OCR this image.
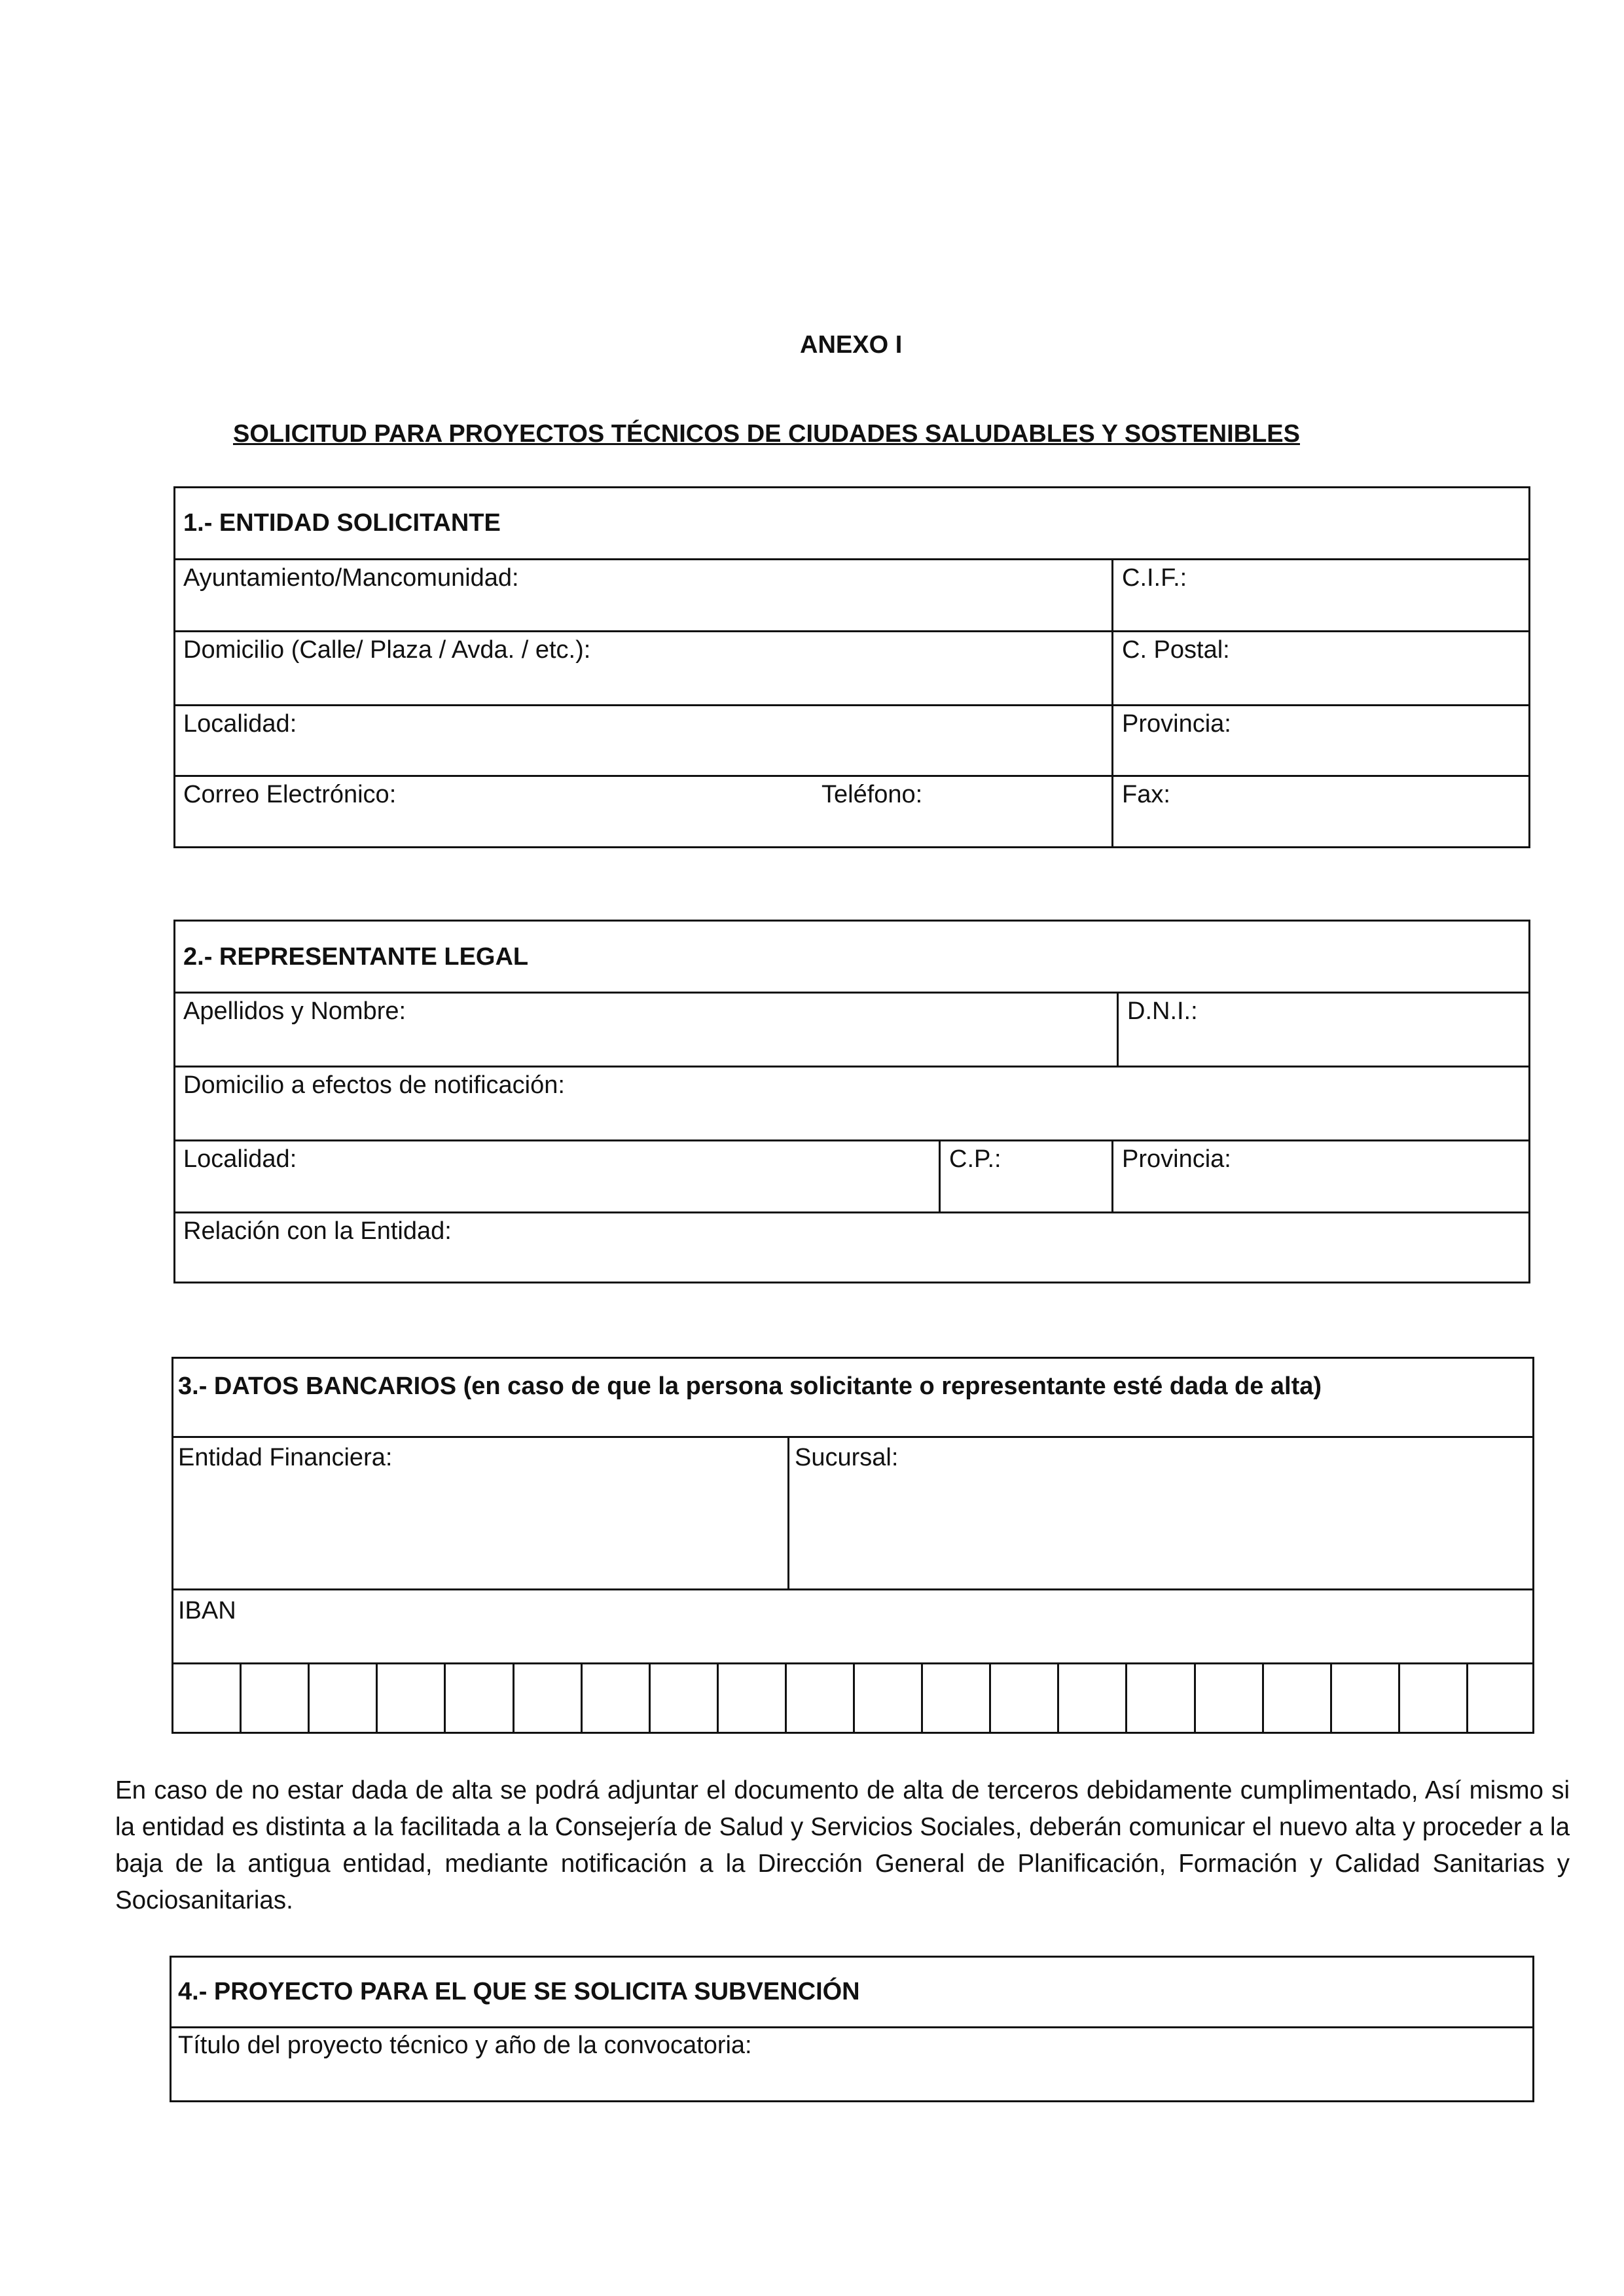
ANEXO I
SOLICITUD PARA PROYECTOS TÉCNICOS DE CIUDADES SALUDABLES Y SOSTENIBLES
1.- ENTIDAD SOLICITANTE
Ayuntamiento/Mancomunidad:	C.I.F.:
Domicilio (Calle/ Plaza / Avda. / etc.):	C. Postal:
Localidad:	Provincia:
Correo Electrónico:	Teléfono:	Fax:
2.- REPRESENTANTE LEGAL
Apellidos y Nombre:	D.N.I.:
Domicilio a efectos de notificación:
Localidad:	C.P.:	Provincia:
Relación con la Entidad:
3.- DATOS BANCARIOS (en caso de que la persona solicitante o representante esté dada de alta)
Entidad Financiera:	Sucursal:
IBAN
En caso de no estar dada de alta se podrá adjuntar el documento de alta de terceros debidamente cumplimentado, Así mismo si la entidad es distinta a la facilitada a la Consejería de Salud y Servicios Sociales, deberán comunicar el nuevo alta y proceder a la baja de la antigua entidad, mediante notificación a la Dirección General de Planificación, Formación y Calidad Sanitarias y Sociosanitarias.
4.- PROYECTO PARA EL QUE SE SOLICITA SUBVENCIÓN
Título del proyecto técnico y año de la convocatoria:
